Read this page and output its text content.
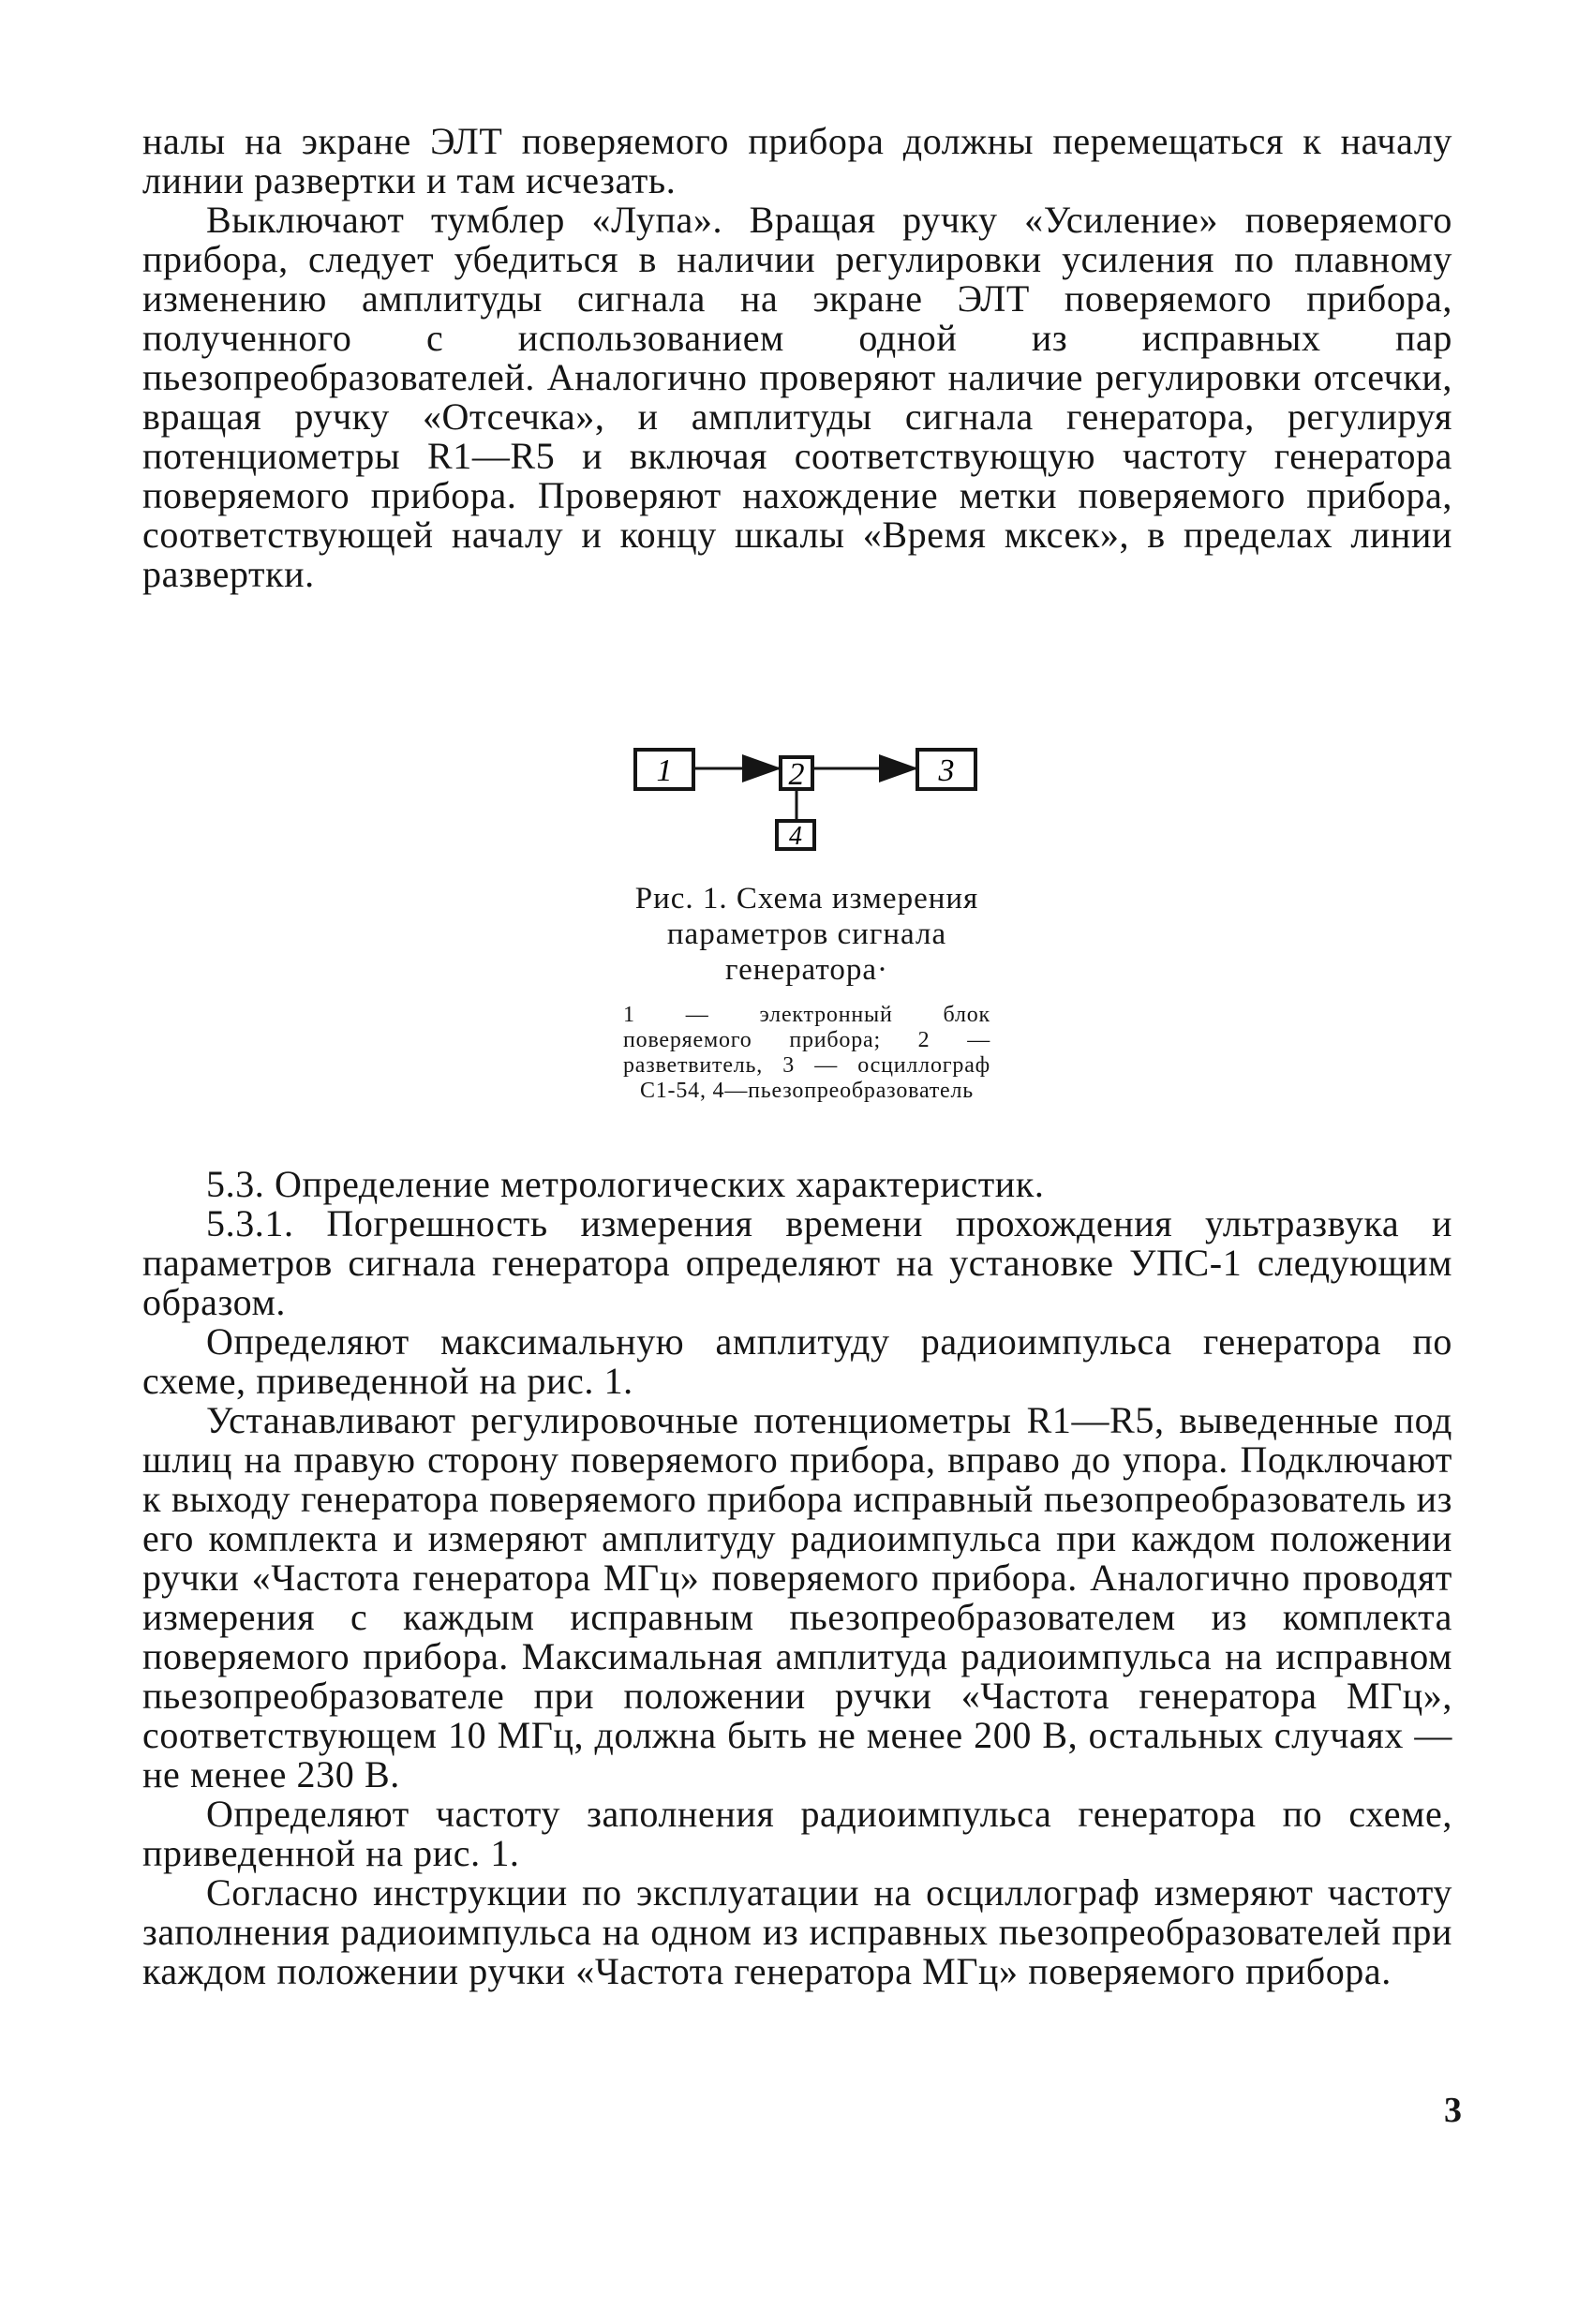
налы на экране ЭЛТ поверяемого прибора должны перемещаться к началу линии развертки и там исчезать.

Выключают тумблер «Лупа». Вращая ручку «Усиление» поверяемого прибора, следует убедиться в наличии регулировки усиления по плавному изменению амплитуды сигнала на экране ЭЛТ поверяемого прибора, полученного с использованием одной из исправных пар пьезопреобразователей. Аналогично проверяют наличие регулировки отсечки, вращая ручку «Отсечка», и амплитуды сигнала генератора, регулируя потенциометры R1—R5 и включая соответствующую частоту генератора поверяемого прибора. Проверяют нахождение метки поверяемого прибора, соответствующей началу и концу шкалы «Время мксек», в пределах линии развертки.

1	2	3
4
Рис. 1. Схема измерения параметров сигнала генератора·
1 — электронный блок поверяемого прибора; 2 — разветвитель, 3 — осциллограф С1-54, 4—пьезопреобразователь

5.3. Определение метрологических характеристик.

5.3.1. Погрешность измерения времени прохождения ультразвука и параметров сигнала генератора определяют на установке УПС-1 следующим образом.

Определяют максимальную амплитуду радиоимпульса генератора по схеме, приведенной на рис. 1.

Устанавливают регулировочные потенциометры R1—R5, выведенные под шлиц на правую сторону поверяемого прибора, вправо до упора. Подключают к выходу генератора поверяемого прибора исправный пьезопреобразователь из его комплекта и измеряют амплитуду радиоимпульса при каждом положении ручки «Частота генератора МГц» поверяемого прибора. Аналогично проводят измерения с каждым исправным пьезопреобразователем из комплекта поверяемого прибора. Максимальная амплитуда радиоимпульса на исправном пьезопреобразователе при положении ручки «Частота генератора МГц», соответствующем 10 МГц, должна быть не менее 200 В, остальных случаях — не менее 230 В.

Определяют частоту заполнения радиоимпульса генератора по схеме, приведенной на рис. 1.

Согласно инструкции по эксплуатации на осциллограф измеряют частоту заполнения радиоимпульса на одном из исправных пьезопреобразователей при каждом положении ручки «Частота генератора МГц» поверяемого прибора.

3
